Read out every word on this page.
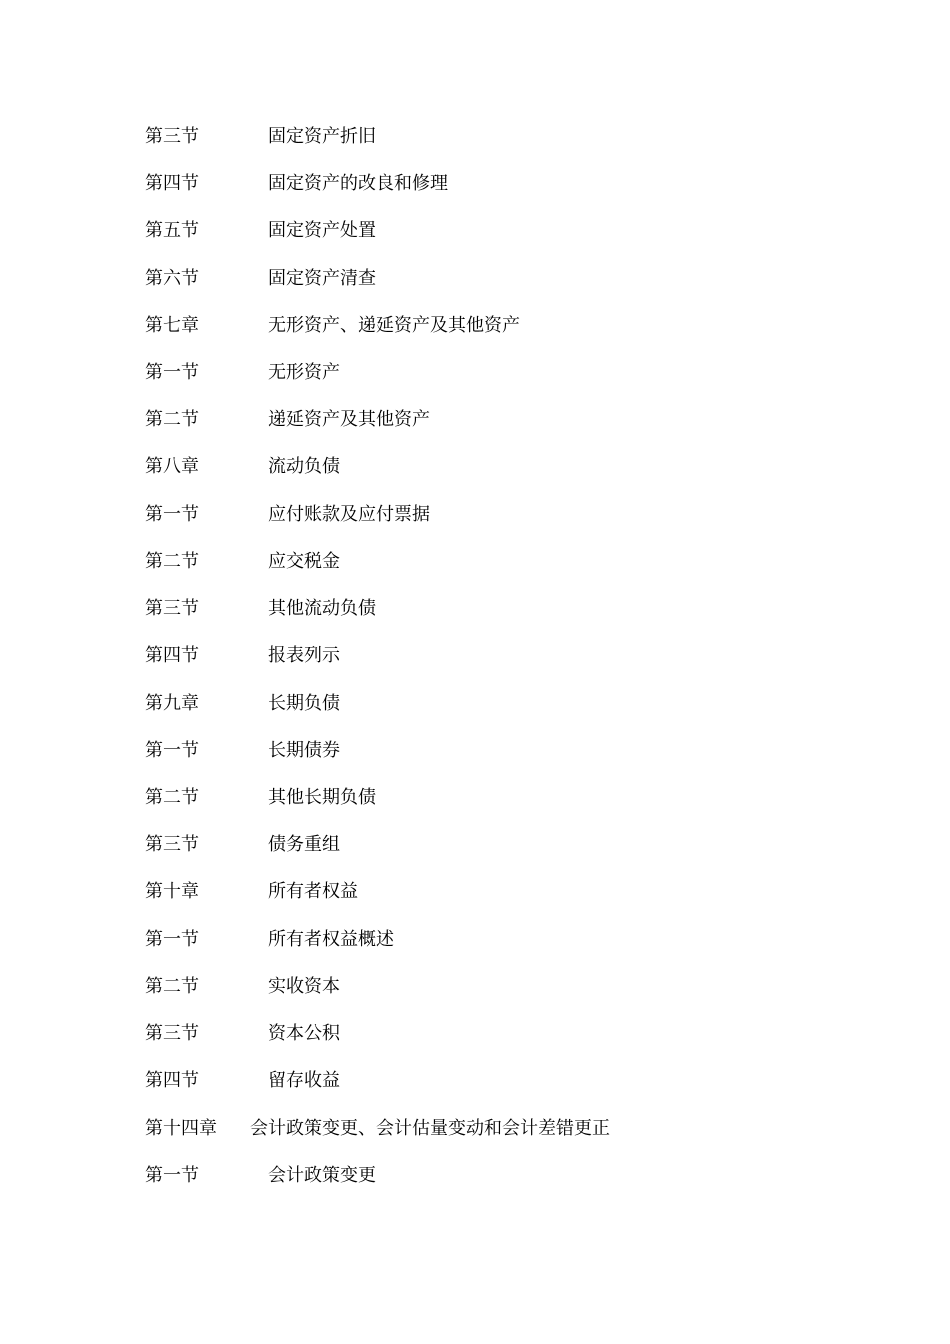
第三节	固定资产折旧
第四节	固定资产的改良和修理
第五节	固定资产处置
第六节	固定资产清查
第七章	无形资产、递延资产及其他资产
第一节	无形资产
第二节	递延资产及其他资产
第八章	流动负债
第一节	应付账款及应付票据
第二节	应交税金
第三节	其他流动负债
第四节	报表列示
第九章	长期负债
第一节	长期债券
第二节	其他长期负债
第三节	债务重组
第十章	所有者权益
第一节	所有者权益概述
第二节	实收资本
第三节	资本公积
第四节	留存收益
第十四章 会计政策变更、会计估量变动和会计差错更正
第一节	会计政策变更
